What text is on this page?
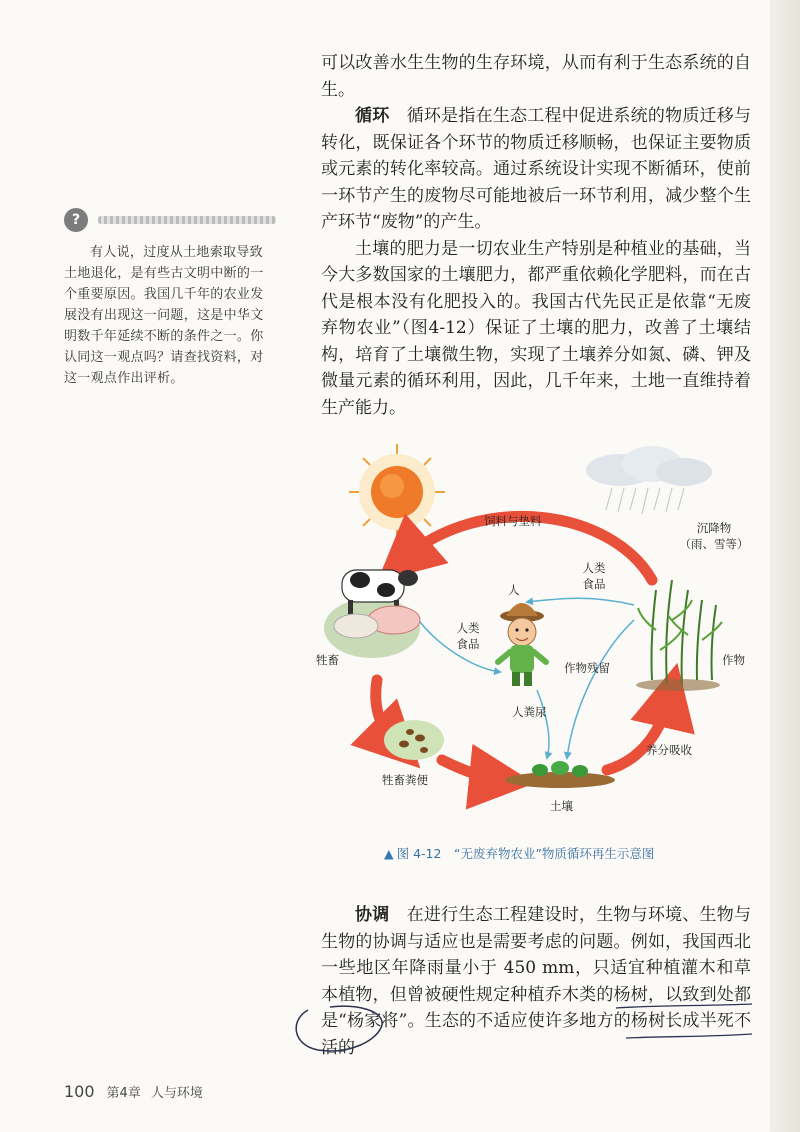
可以改善水生生物的生存环境，从而有利于生态系统的自生。

循环　循环是指在生态工程中促进系统的物质迁移与转化，既保证各个环节的物质迁移顺畅，也保证主要物质或元素的转化率较高。通过系统设计实现不断循环，使前一环节产生的废物尽可能地被后一环节利用，减少整个生产环节“废物”的产生。

土壤的肥力是一切农业生产特别是种植业的基础，当今大多数国家的土壤肥力，都严重依赖化学肥料，而在古代是根本没有化肥投入的。我国古代先民正是依靠“无废弃物农业”（图4-12）保证了土壤的肥力，改善了土壤结构，培育了土壤微生物，实现了土壤养分如氮、磷、钾及微量元素的循环利用，因此，几千年来，土地一直维持着生产能力。

?

有人说，过度从土地索取导致土地退化，是有些古文明中断的一个重要原因。我国几千年的农业发展没有出现这一问题，这是中华文明数千年延续不断的条件之一。你认同这一观点吗？请查找资料，对这一观点作出评析。

饲料与垫料	沉降物
（雨、雪等）
人类
食品
人
人类
食品
牲畜
作物残留
作物
人粪尿
养分吸收
牲畜粪便
土壤
▲ 图 4-12　“无废弃物农业”物质循环再生示意图

协调　在进行生态工程建设时，生物与环境、生物与生物的协调与适应也是需要考虑的问题。例如，我国西北一些地区年降雨量小于 450 mm，只适宜种植灌木和草本植物，但曾被硬性规定种植乔木类的杨树，以致到处都是“杨家将”。生态的不适应使许多地方的杨树长成半死不活的

100 第4章 人与环境
